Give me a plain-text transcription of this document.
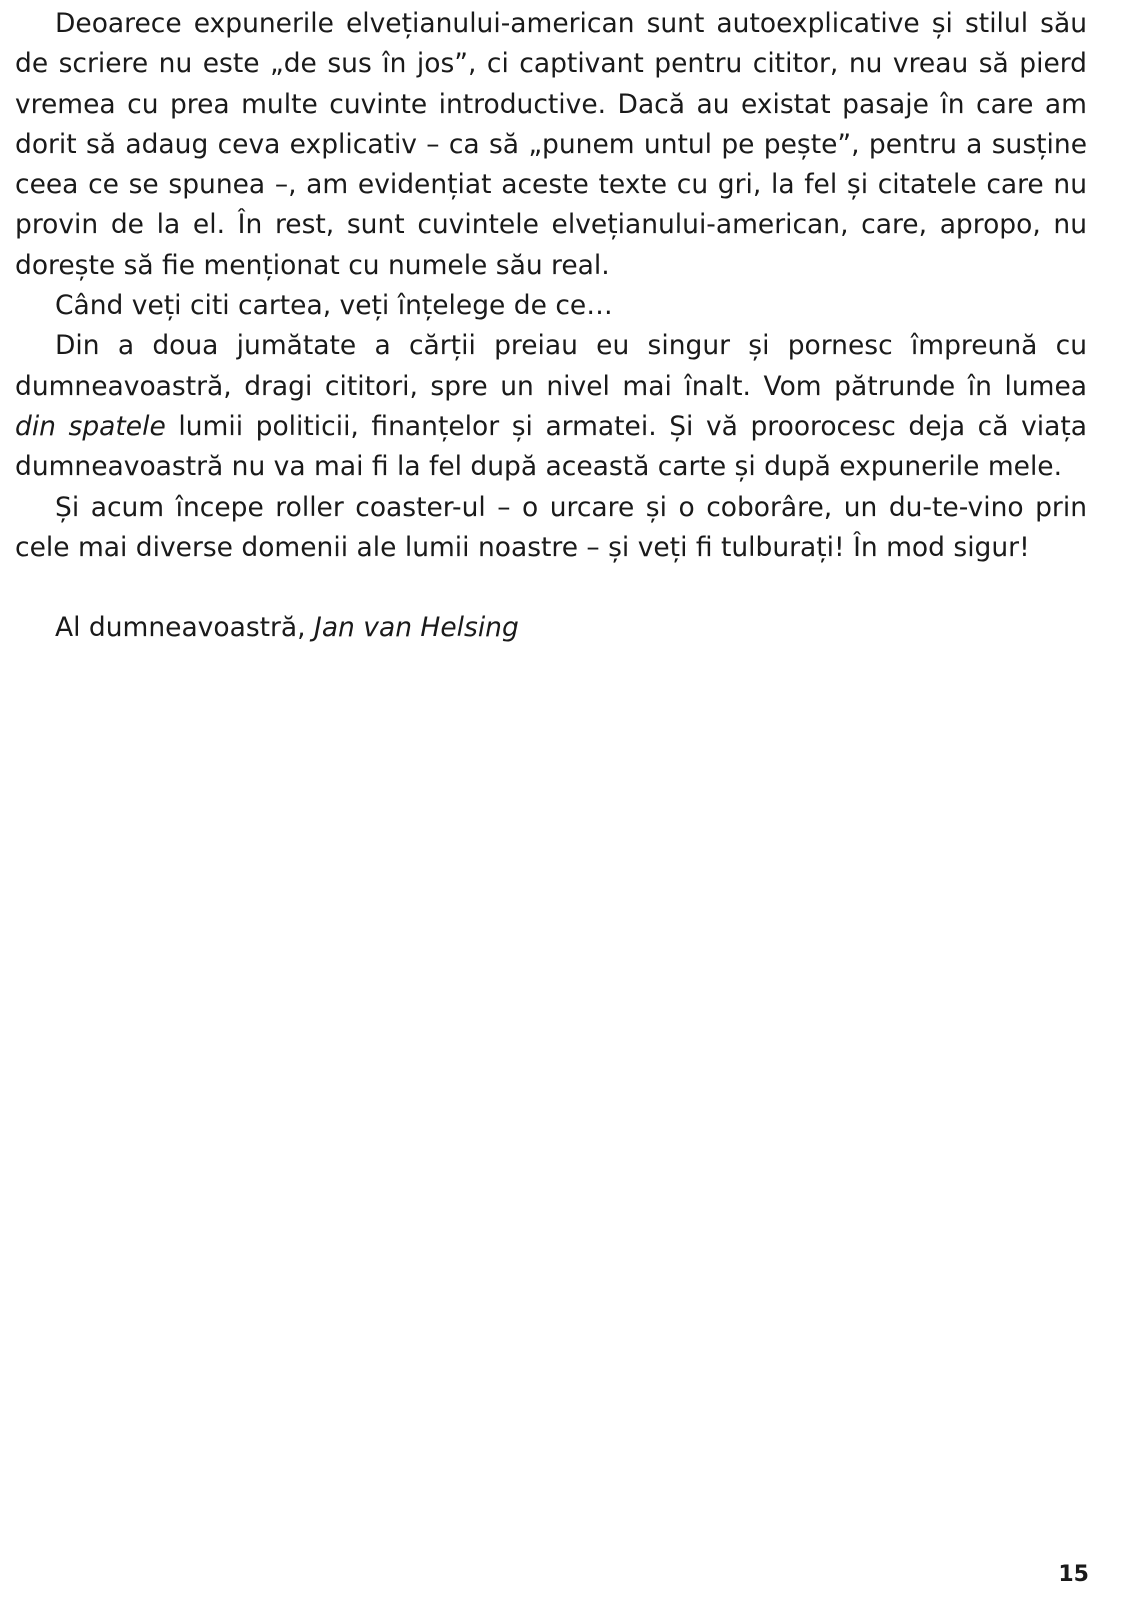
Deoarece expunerile elvețianului-american sunt autoexplicative și stilul său de scriere nu este „de sus în jos”, ci captivant pentru cititor, nu vreau să pierd vremea cu prea multe cuvinte introductive. Dacă au existat pasaje în care am dorit să adaug ceva explicativ – ca să „punem untul pe pește”, pentru a susține ceea ce se spunea –, am evidențiat aceste texte cu gri, la fel și citatele care nu provin de la el. În rest, sunt cuvintele elvețianului-american, care, apropo, nu dorește să fie menționat cu numele său real.

Când veți citi cartea, veți înțelege de ce…

Din a doua jumătate a cărții preiau eu singur și pornesc împreună cu dumneavoastră, dragi cititori, spre un nivel mai înalt. Vom pătrunde în lumea din spatele lumii politicii, finanțelor și armatei. Și vă proorocesc deja că viața dumneavoastră nu va mai fi la fel după această carte și după expunerile mele.

Și acum începe roller coaster-ul – o urcare și o coborâre, un du-te-vino prin cele mai diverse domenii ale lumii noastre – și veți fi tulburați! În mod sigur!

Al dumneavoastră, Jan van Helsing

15
